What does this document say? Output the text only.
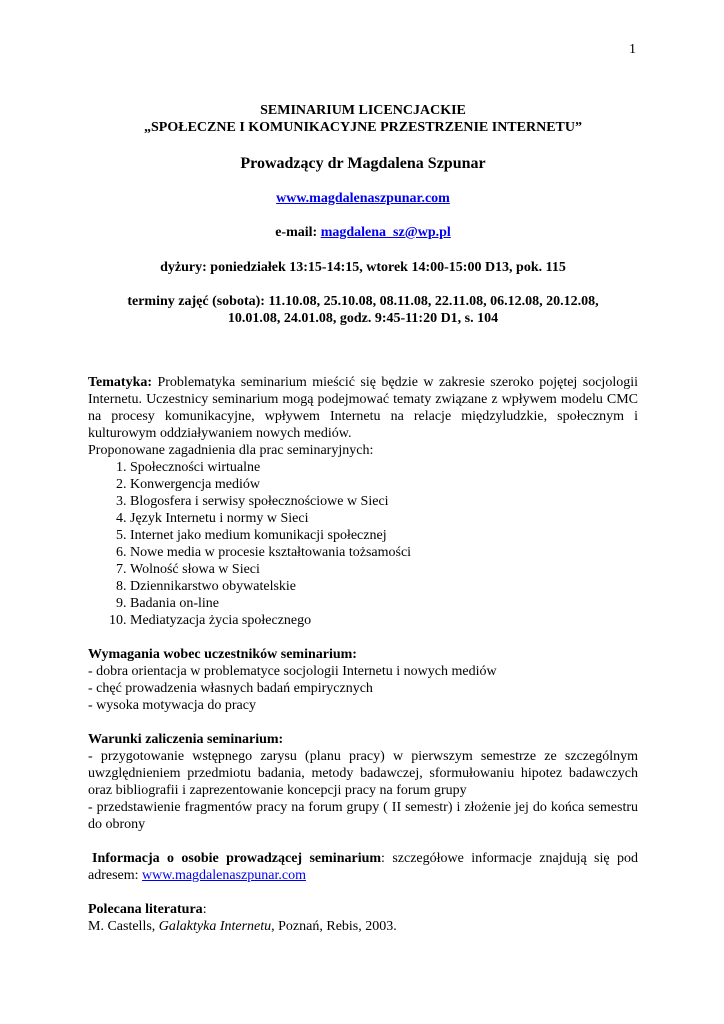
1

SEMINARIUM LICENCJACKIE

„SPOŁECZNE I KOMUNIKACYJNE PRZESTRZENIE INTERNETU”

Prowadzący dr Magdalena Szpunar
www.magdalenaszpunar.com
e-mail: magdalena_sz@wp.pl
dyżury: poniedziałek 13:15-14:15, wtorek 14:00-15:00 D13, pok. 115
terminy zajęć (sobota): 11.10.08, 25.10.08, 08.11.08, 22.11.08, 06.12.08, 20.12.08,
10.01.08, 24.01.08, godz. 9:45-11:20 D1, s. 104

Tematyka: Problematyka seminarium mieścić się będzie w zakresie szeroko pojętej socjologii Internetu. Uczestnicy seminarium mogą podejmować tematy związane z wpływem modelu CMC na procesy komunikacyjne, wpływem Internetu na relacje międzyludzkie, społecznym i kulturowym oddziaływaniem nowych mediów.

Proponowane zagadnienia dla prac seminaryjnych:

1. Społeczności wirtualne
2. Konwergencja mediów
3. Blogosfera i serwisy społecznościowe w Sieci
4. Język Internetu i normy w Sieci
5. Internet jako medium komunikacji społecznej
6. Nowe media w procesie kształtowania tożsamości
7. Wolność słowa w Sieci
8. Dziennikarstwo obywatelskie
9. Badania on-line
10. Mediatyzacja życia społecznego

Wymagania wobec uczestników seminarium:

- dobra orientacja w problematyce socjologii Internetu i nowych mediów

- chęć prowadzenia własnych badań empirycznych

- wysoka motywacja do pracy

Warunki zaliczenia seminarium:

- przygotowanie wstępnego zarysu (planu pracy) w pierwszym semestrze ze szczególnym uwzględnieniem przedmiotu badania, metody badawczej, sformułowaniu hipotez badawczych oraz bibliografii i zaprezentowanie koncepcji pracy na forum grupy

- przedstawienie fragmentów pracy na forum grupy ( II semestr) i złożenie jej do końca semestru do obrony

Informacja o osobie prowadzącej seminarium: szczegółowe informacje znajdują się pod adresem: www.magdalenaszpunar.com

Polecana literatura:

M. Castells, Galaktyka Internetu, Poznań, Rebis, 2003.
